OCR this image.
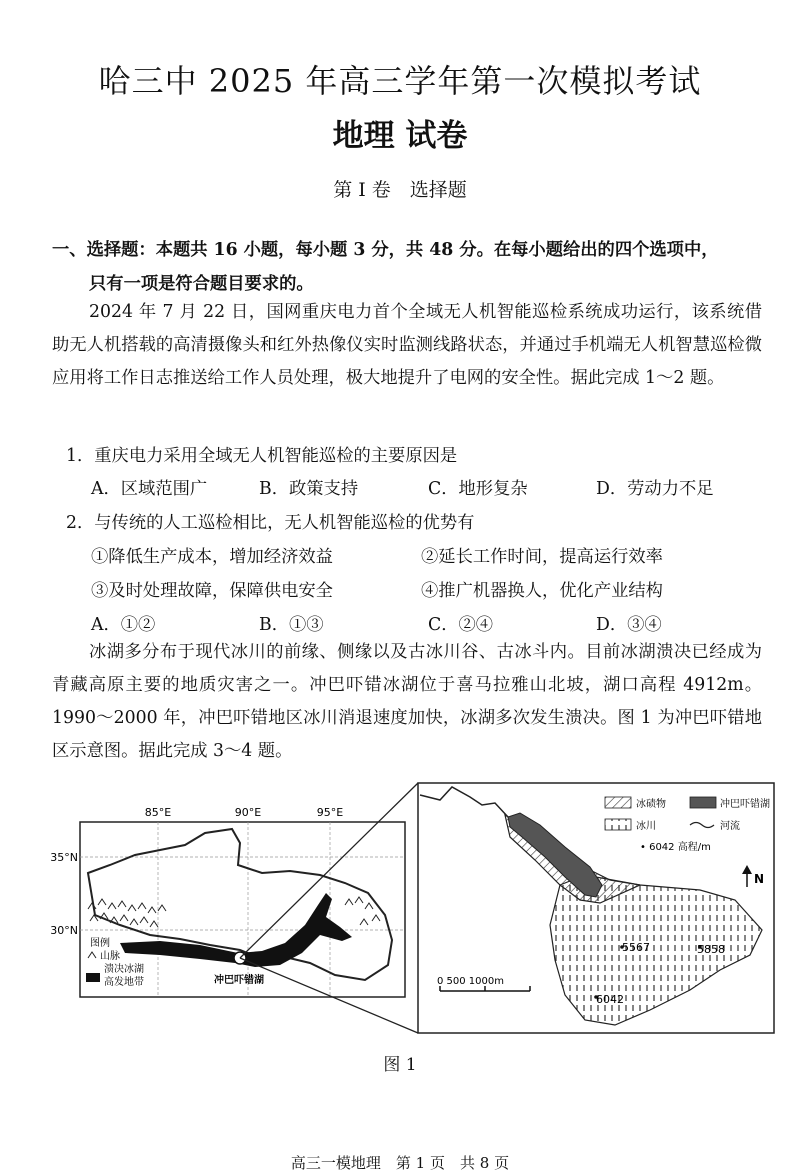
哈三中 2025 年高三学年第一次模拟考试
地理 试卷
第 I 卷　选择题
一、选择题：本题共 16 小题，每小题 3 分，共 48 分。在每小题给出的四个选项中，
只有一项是符合题目要求的。
2024 年 7 月 22 日，国网重庆电力首个全域无人机智能巡检系统成功运行，该系统借助无人机搭载的高清摄像头和红外热像仪实时监测线路状态，并通过手机端无人机智慧巡检微应用将工作日志推送给工作人员处理，极大地提升了电网的安全性。据此完成 1～2 题。
1．重庆电力采用全域无人机智能巡检的主要原因是
A．区域范围广	B．政策支持	C．地形复杂	D．劳动力不足
2．与传统的人工巡检相比，无人机智能巡检的优势有
①降低生产成本，增加经济效益	②延长工作时间，提高运行效率
③及时处理故障，保障供电安全	④推广机器换人，优化产业结构
A．①②	B．①③	C．②④	D．③④
冰湖多分布于现代冰川的前缘、侧缘以及古冰川谷、古冰斗内。目前冰湖溃决已经成为青藏高原主要的地质灾害之一。冲巴吓错冰湖位于喜马拉雅山北坡，湖口高程 4912m。1990～2000 年，冲巴吓错地区冰川消退速度加快，冰湖多次发生溃决。图 1 为冲巴吓错地区示意图。据此完成 3～4 题。
85°E	90°E	95°E
35°N
30°N
冲巴吓错湖
图例
山脉
溃决冰湖
高发地带
5567	5858
6042
冰碛物	冲巴吓错湖
冰川	河流
• 6042 高程/m
N
0 500 1000m
图 1
高三一模地理　第 1 页　共 8 页
